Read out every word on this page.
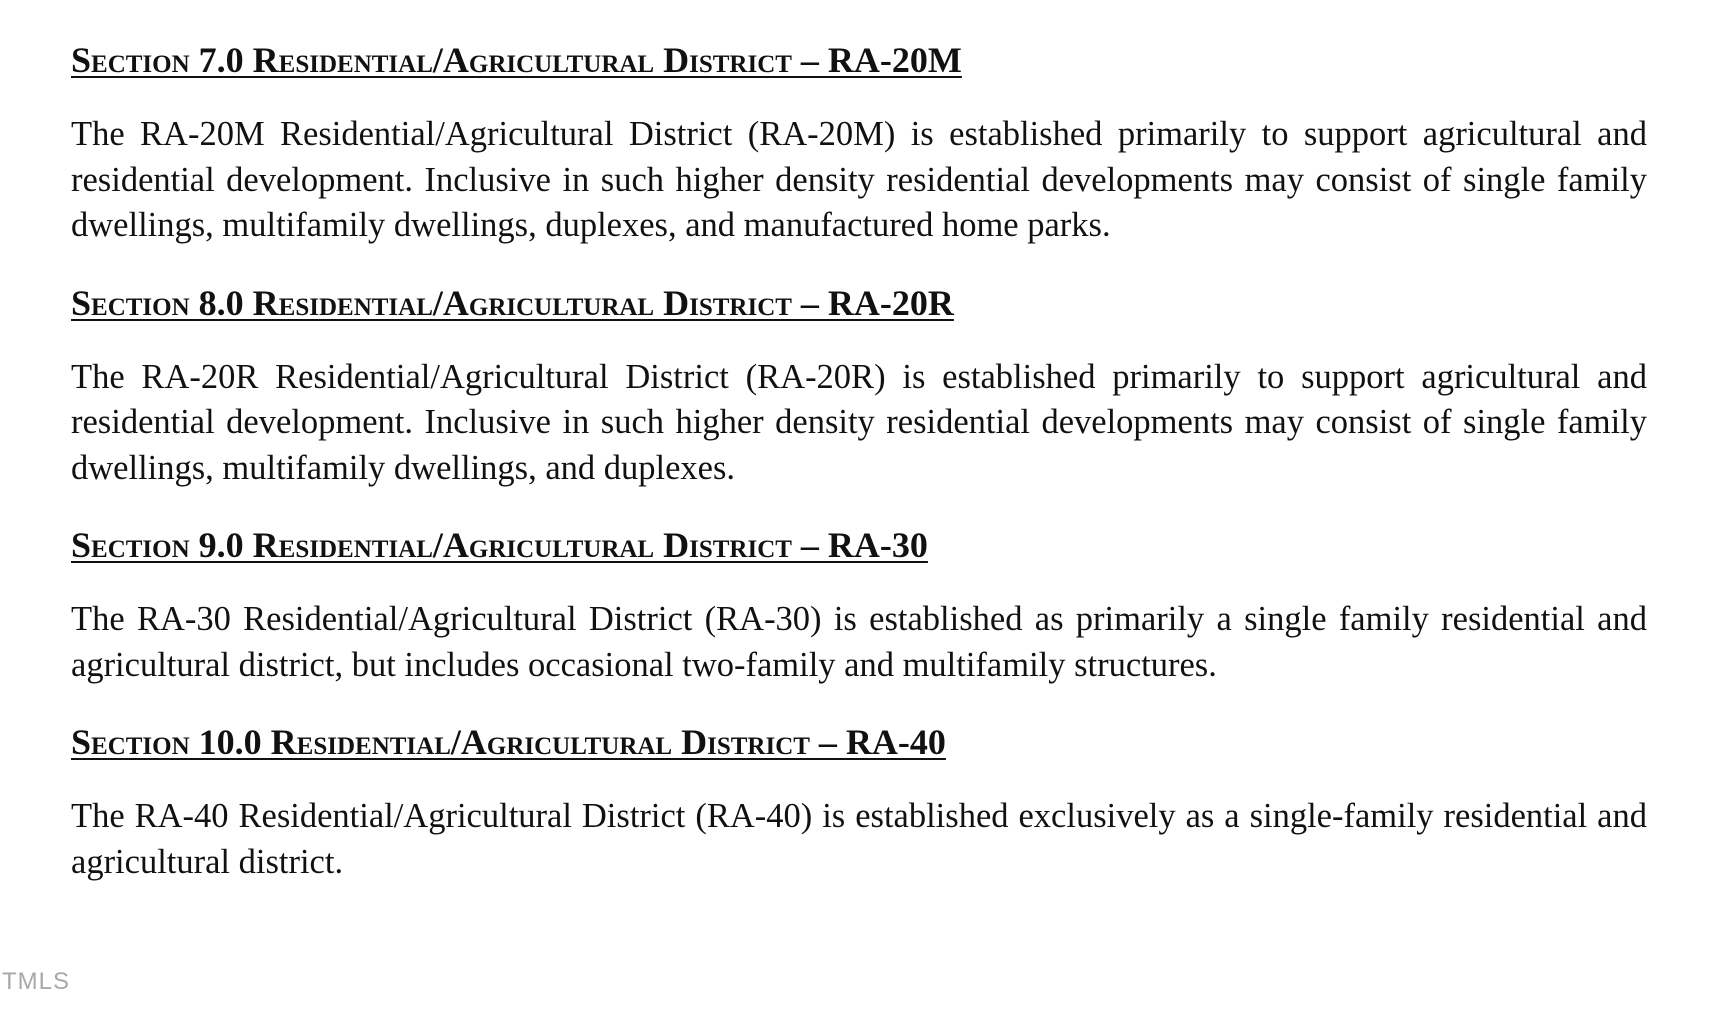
Section 7.0 Residential/Agricultural District – RA-20M

The RA-20M Residential/Agricultural District (RA-20M) is established primarily to support agricultural and residential development. Inclusive in such higher density residential developments may consist of single family dwellings, multifamily dwellings, duplexes, and manufactured home parks.

Section 8.0 Residential/Agricultural District – RA-20R

The RA-20R Residential/Agricultural District (RA-20R) is established primarily to support agricultural and residential development. Inclusive in such higher density residential developments may consist of single family dwellings, multifamily dwellings, and duplexes.

Section 9.0 Residential/Agricultural District – RA-30

The RA-30 Residential/Agricultural District (RA-30) is established as primarily a single family residential and agricultural district, but includes occasional two-family and multifamily structures.

Section 10.0 Residential/Agricultural District – RA-40

The RA-40 Residential/Agricultural District (RA-40) is established exclusively as a single-family residential and agricultural district.

TMLS
